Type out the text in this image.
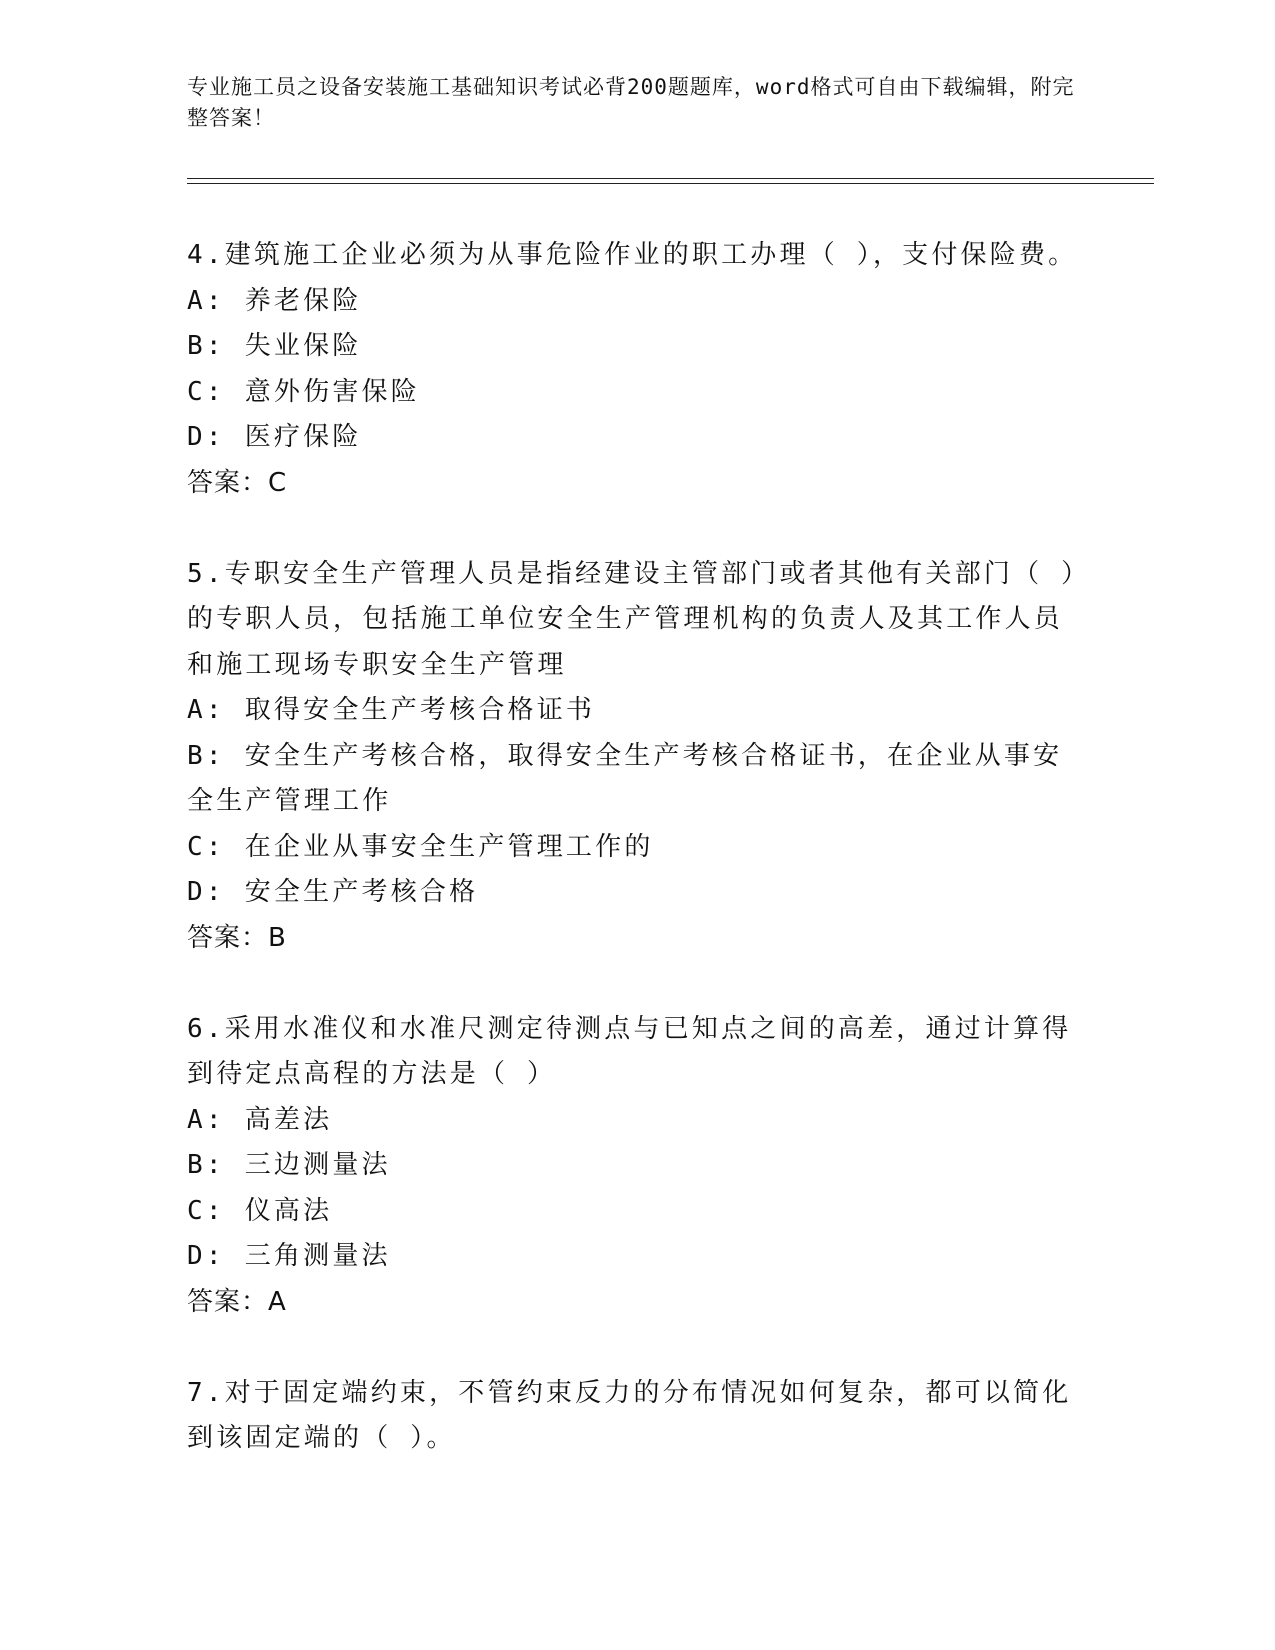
专业施工员之设备安装施工基础知识考试必背200题题库，word格式可自由下载编辑，附完整答案！
4.建筑施工企业必须为从事危险作业的职工办理（ ），支付保险费。
A: 养老保险
B: 失业保险
C: 意外伤害保险
D: 医疗保险
答案：C
5.专职安全生产管理人员是指经建设主管部门或者其他有关部门（ ）的专职人员，包括施工单位安全生产管理机构的负责人及其工作人员和施工现场专职安全生产管理
A: 取得安全生产考核合格证书
B: 安全生产考核合格，取得安全生产考核合格证书，在企业从事安全生产管理工作
C: 在企业从事安全生产管理工作的
D: 安全生产考核合格
答案：B
6.采用水准仪和水准尺测定待测点与已知点之间的高差，通过计算得到待定点高程的方法是（ ）
A: 高差法
B: 三边测量法
C: 仪高法
D: 三角测量法
答案：A
7.对于固定端约束，不管约束反力的分布情况如何复杂，都可以简化到该固定端的（ ）。
